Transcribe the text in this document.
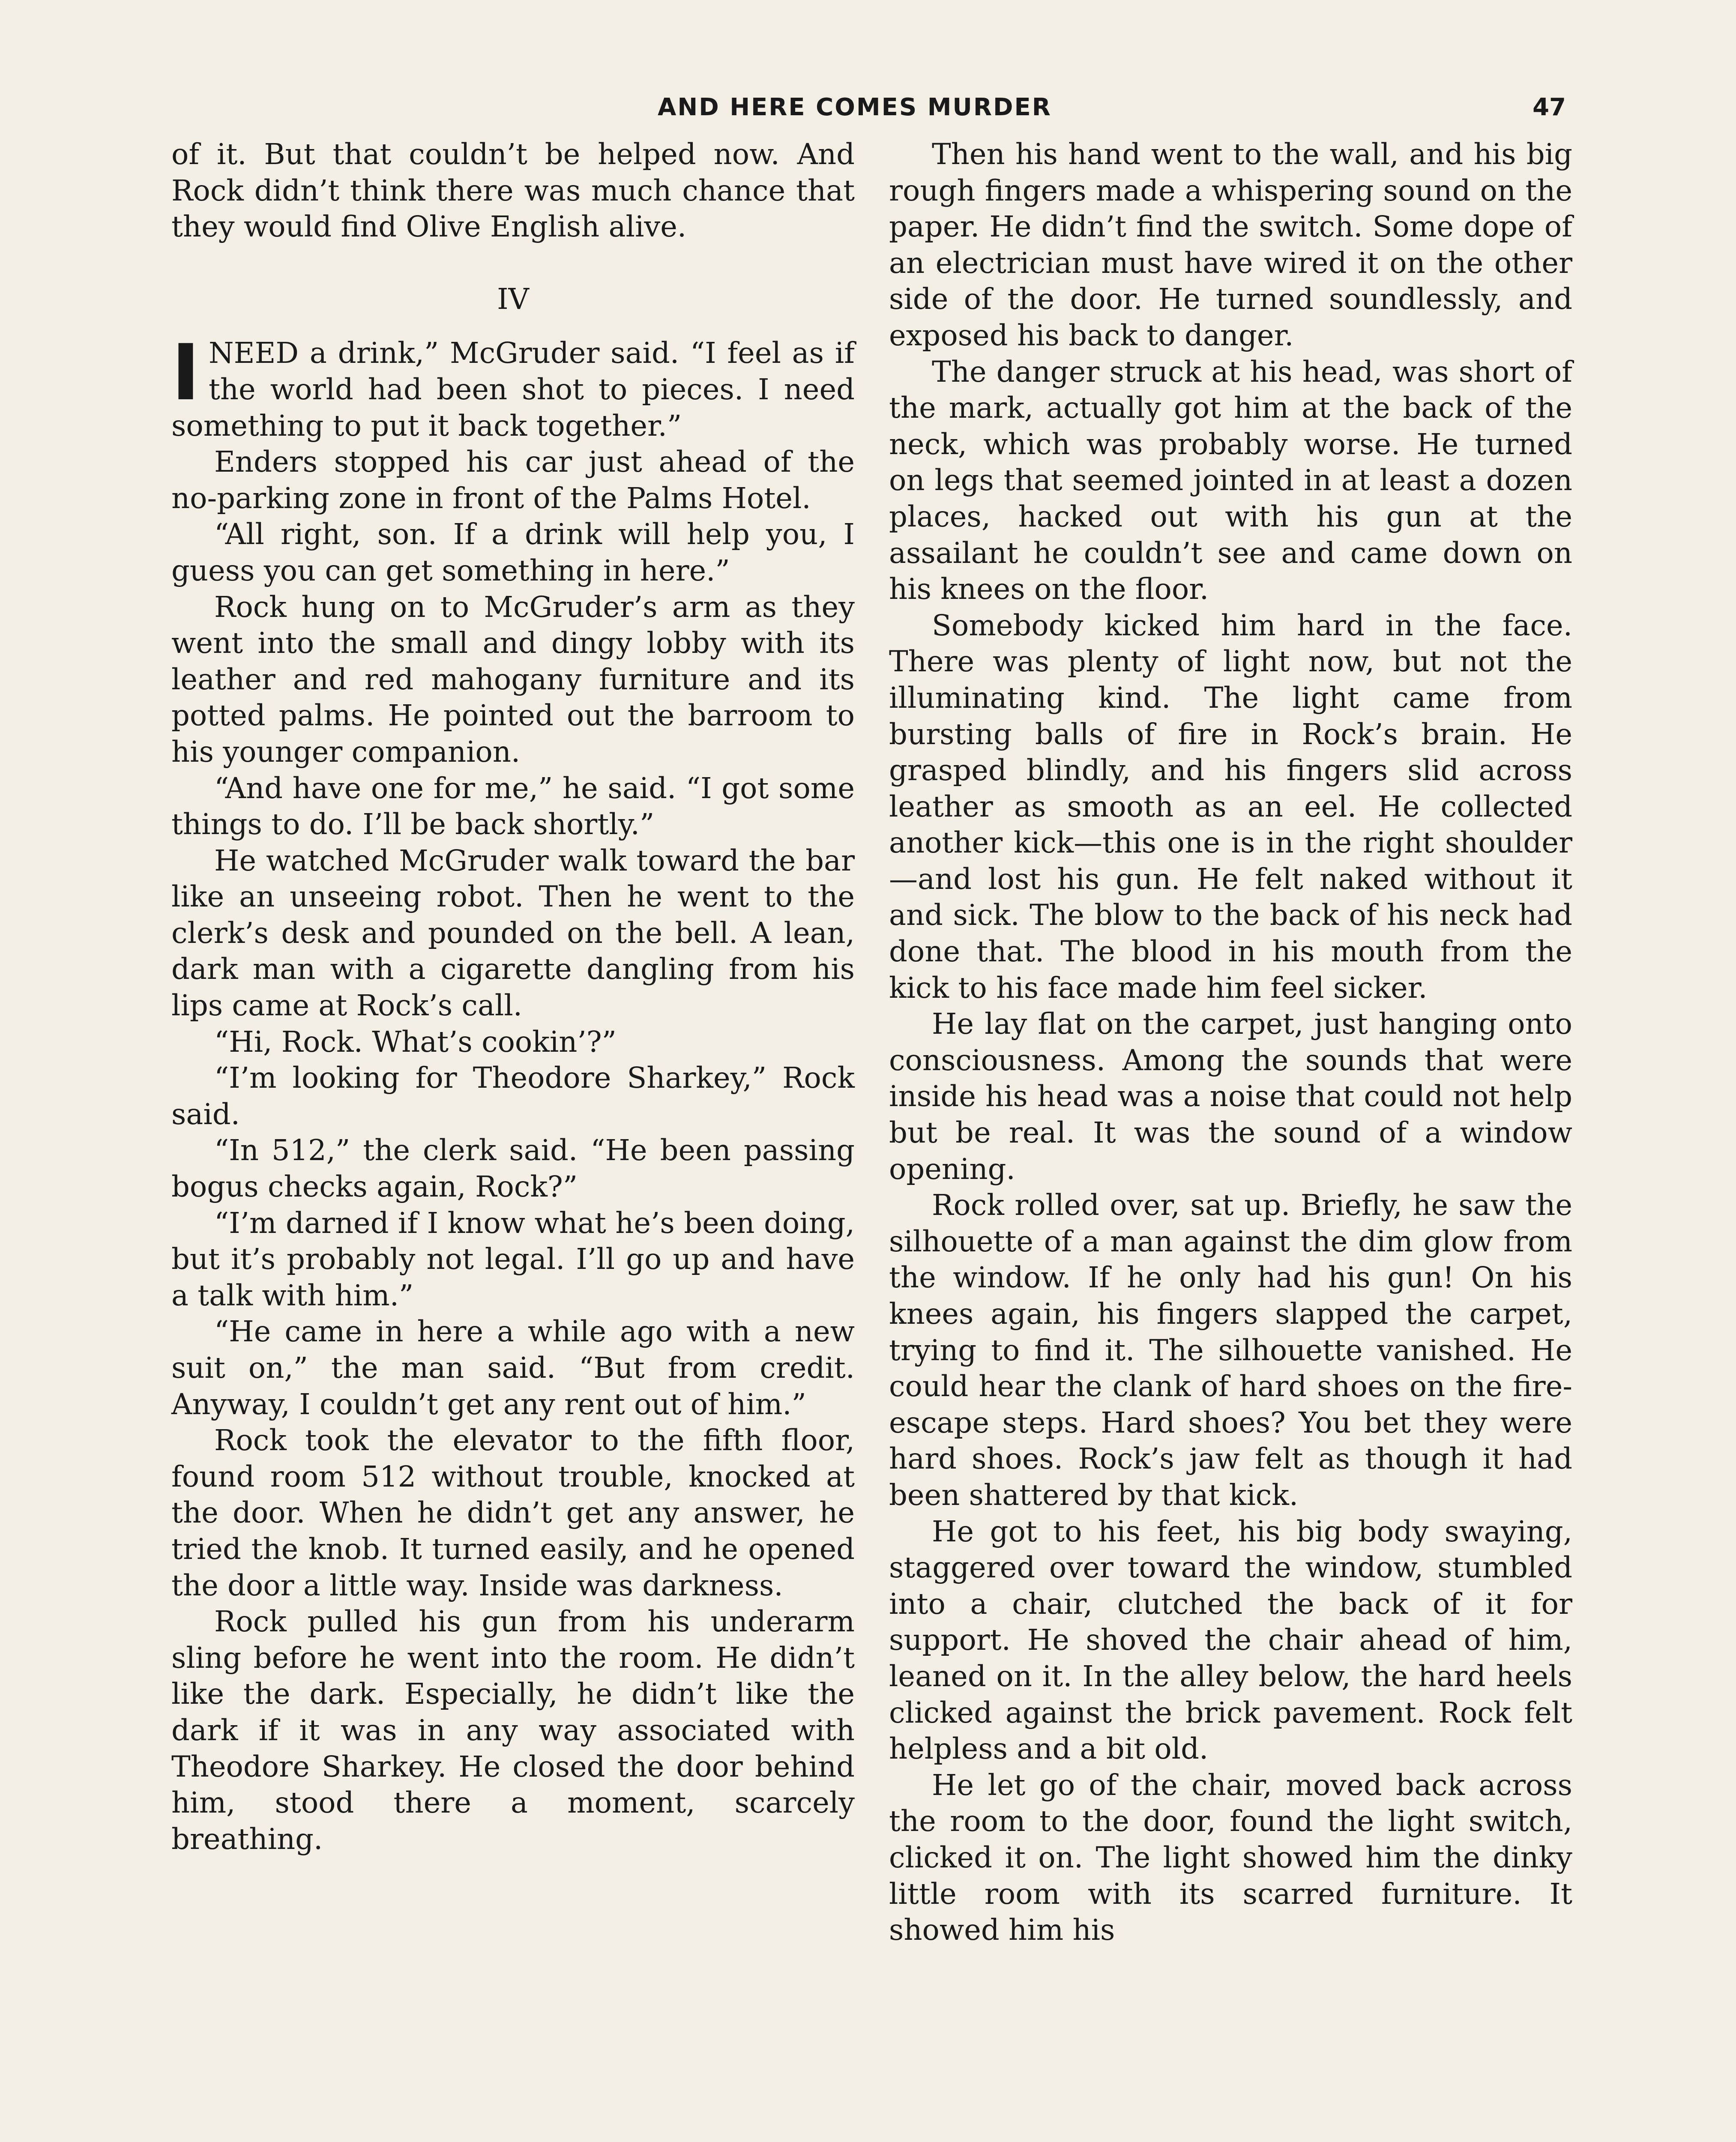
AND HERE COMES MURDER	47

of it. But that couldn’t be helped now. And Rock didn’t think there was much chance that they would find Olive English alive.

IV

I NEED a drink,” McGruder said. “I feel as if the world had been shot to pieces. I need something to put it back together.”

Enders stopped his car just ahead of the no-parking zone in front of the Palms Hotel.

“All right, son. If a drink will help you, I guess you can get something in here.”

Rock hung on to McGruder’s arm as they went into the small and dingy lobby with its leather and red mahogany furniture and its potted palms. He pointed out the barroom to his younger companion.

“And have one for me,” he said. “I got some things to do. I’ll be back shortly.”

He watched McGruder walk toward the bar like an unseeing robot. Then he went to the clerk’s desk and pounded on the bell. A lean, dark man with a cigarette dangling from his lips came at Rock’s call.

“Hi, Rock. What’s cookin’?”

“I’m looking for Theodore Sharkey,” Rock said.

“In 512,” the clerk said. “He been passing bogus checks again, Rock?”

“I’m darned if I know what he’s been doing, but it’s probably not legal. I’ll go up and have a talk with him.”

“He came in here a while ago with a new suit on,” the man said. “But from credit. Anyway, I couldn’t get any rent out of him.”

Rock took the elevator to the fifth floor, found room 512 without trouble, knocked at the door. When he didn’t get any answer, he tried the knob. It turned easily, and he opened the door a little way. Inside was darkness.

Rock pulled his gun from his underarm sling before he went into the room. He didn’t like the dark. Especially, he didn’t like the dark if it was in any way associated with Theodore Sharkey. He closed the door behind him, stood there a moment, scarcely breathing.

Then his hand went to the wall, and his big rough fingers made a whispering sound on the paper. He didn’t find the switch. Some dope of an electrician must have wired it on the other side of the door. He turned soundlessly, and exposed his back to danger.

The danger struck at his head, was short of the mark, actually got him at the back of the neck, which was probably worse. He turned on legs that seemed jointed in at least a dozen places, hacked out with his gun at the assailant he couldn’t see and came down on his knees on the floor.

Somebody kicked him hard in the face. There was plenty of light now, but not the illuminating kind. The light came from bursting balls of fire in Rock’s brain. He grasped blindly, and his fingers slid across leather as smooth as an eel. He collected another kick—this one is in the right shoulder—and lost his gun. He felt naked without it and sick. The blow to the back of his neck had done that. The blood in his mouth from the kick to his face made him feel sicker.

He lay flat on the carpet, just hanging onto consciousness. Among the sounds that were inside his head was a noise that could not help but be real. It was the sound of a window opening.

Rock rolled over, sat up. Briefly, he saw the silhouette of a man against the dim glow from the window. If he only had his gun! On his knees again, his fingers slapped the carpet, trying to find it. The silhouette vanished. He could hear the clank of hard shoes on the fire-escape steps. Hard shoes? You bet they were hard shoes. Rock’s jaw felt as though it had been shattered by that kick.

He got to his feet, his big body swaying, staggered over toward the window, stumbled into a chair, clutched the back of it for support. He shoved the chair ahead of him, leaned on it. In the alley below, the hard heels clicked against the brick pavement. Rock felt helpless and a bit old.

He let go of the chair, moved back across the room to the door, found the light switch, clicked it on. The light showed him the dinky little room with its scarred furniture. It showed him his
